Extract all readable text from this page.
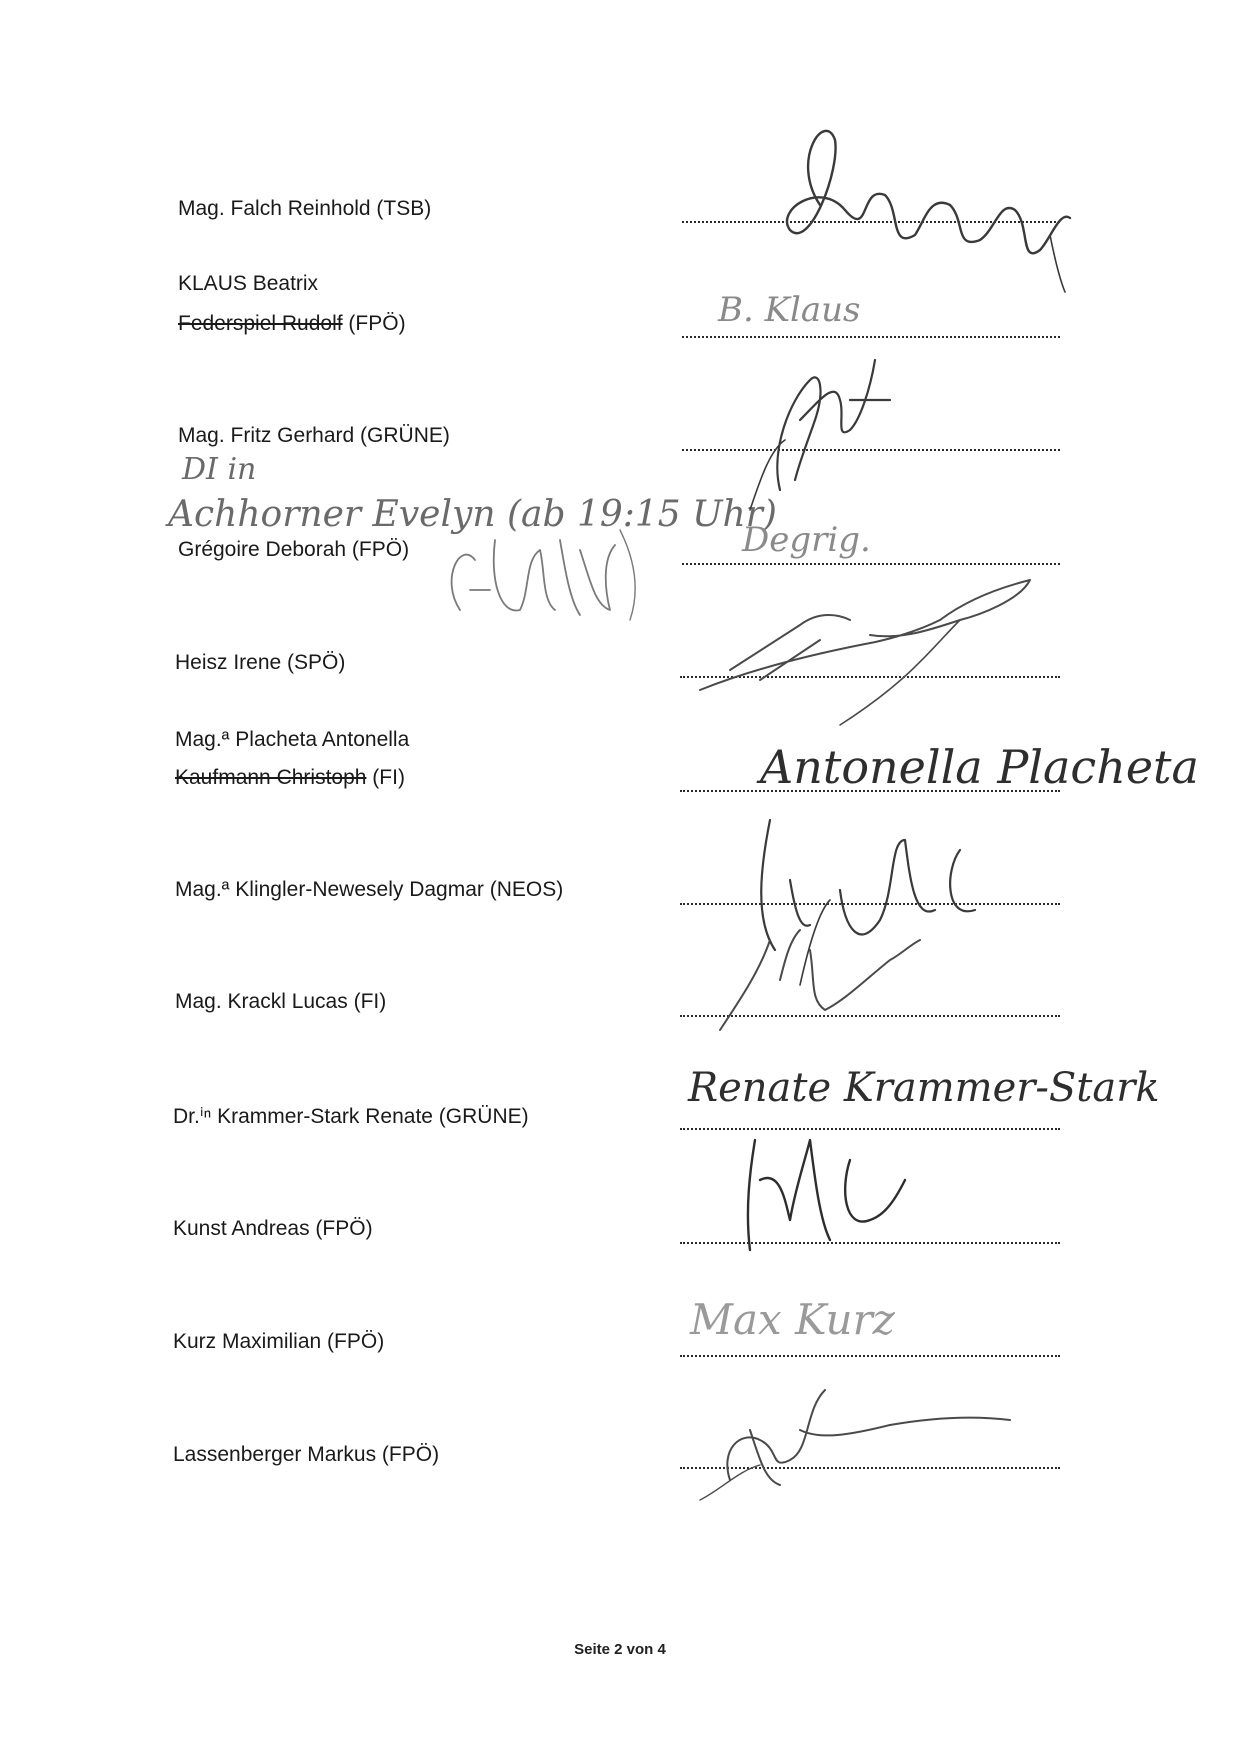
Mag. Falch Reinhold (TSB)
KLAUS Beatrix
Federspiel Rudolf (FPÖ)
Mag. Fritz Gerhard (GRÜNE)
DI in
Achhorner Evelyn (ab 19:15 Uhr)
Grégoire Deborah (FPÖ)
Heisz Irene (SPÖ)
Mag.ª Placheta Antonella
Kaufmann Christoph (FI)
Mag.ª Klingler-Newesely Dagmar (NEOS)
Mag. Krackl Lucas (FI)
Dr.ⁱⁿ Krammer-Stark Renate (GRÜNE)
Kunst Andreas (FPÖ)
Kurz Maximilian (FPÖ)
Lassenberger Markus (FPÖ)
B. Klaus
Degrig.
Antonella Placheta
Renate Krammer-Stark
Max Kurz
Seite 2 von 4
